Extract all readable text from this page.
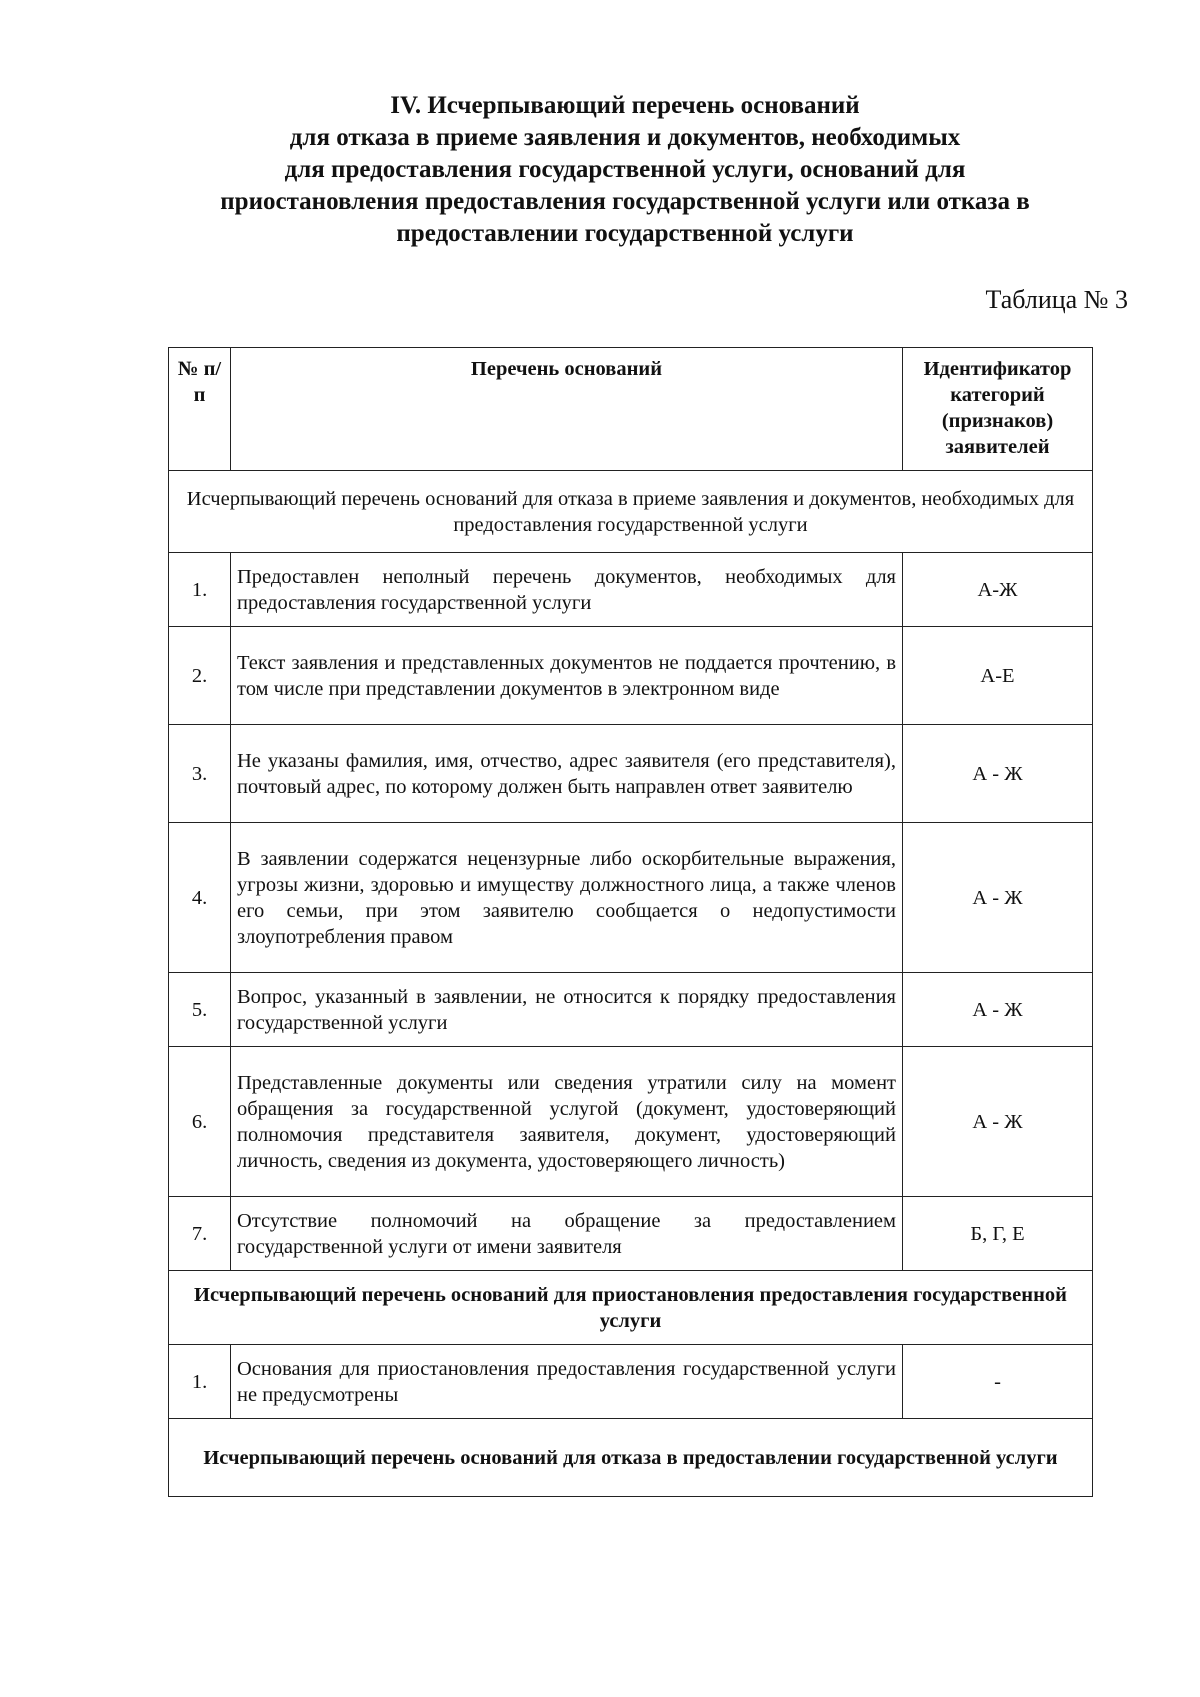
IV. Исчерпывающий перечень оснований
для отказа в приеме заявления и документов, необходимых
для предоставления государственной услуги, оснований для
приостановления предоставления государственной услуги или отказа в
предоставлении государственной услуги
Таблица № 3
№ п/п	Перечень оснований	Идентификатор категорий (признаков) заявителей
Исчерпывающий перечень оснований для отказа в приеме заявления и документов, необходимых для предоставления государственной услуги		
1.	Предоставлен неполный перечень документов, необходимых для предоставления государственной услуги	А-Ж
2.	Текст заявления и представленных документов не поддается прочтению, в том числе при представлении документов в электронном виде	А-Е
3.	Не указаны фамилия, имя, отчество, адрес заявителя (его представителя), почтовый адрес, по которому должен быть направлен ответ заявителю	А - Ж
4.	В заявлении содержатся нецензурные либо оскорбительные выражения, угрозы жизни, здоровью и имуществу должностного лица, а также членов его семьи, при этом заявителю сообщается о недопустимости злоупотребления правом	А - Ж
5.	Вопрос, указанный в заявлении, не относится к порядку предоставления государственной услуги	А - Ж
6.	Представленные документы или сведения утратили силу на момент обращения за государственной услугой (документ, удостоверяющий полномочия представителя заявителя, документ, удостоверяющий личность, сведения из документа, удостоверяющего личность)	А - Ж
7.	Отсутствие полномочий на обращение за предоставлением государственной услуги от имени заявителя	Б, Г, Е
Исчерпывающий перечень оснований для приостановления предоставления государственной услуги		
1.	Основания для приостановления предоставления государственной услуги не предусмотрены	-
Исчерпывающий перечень оснований для отказа в предоставлении государственной услуги		
